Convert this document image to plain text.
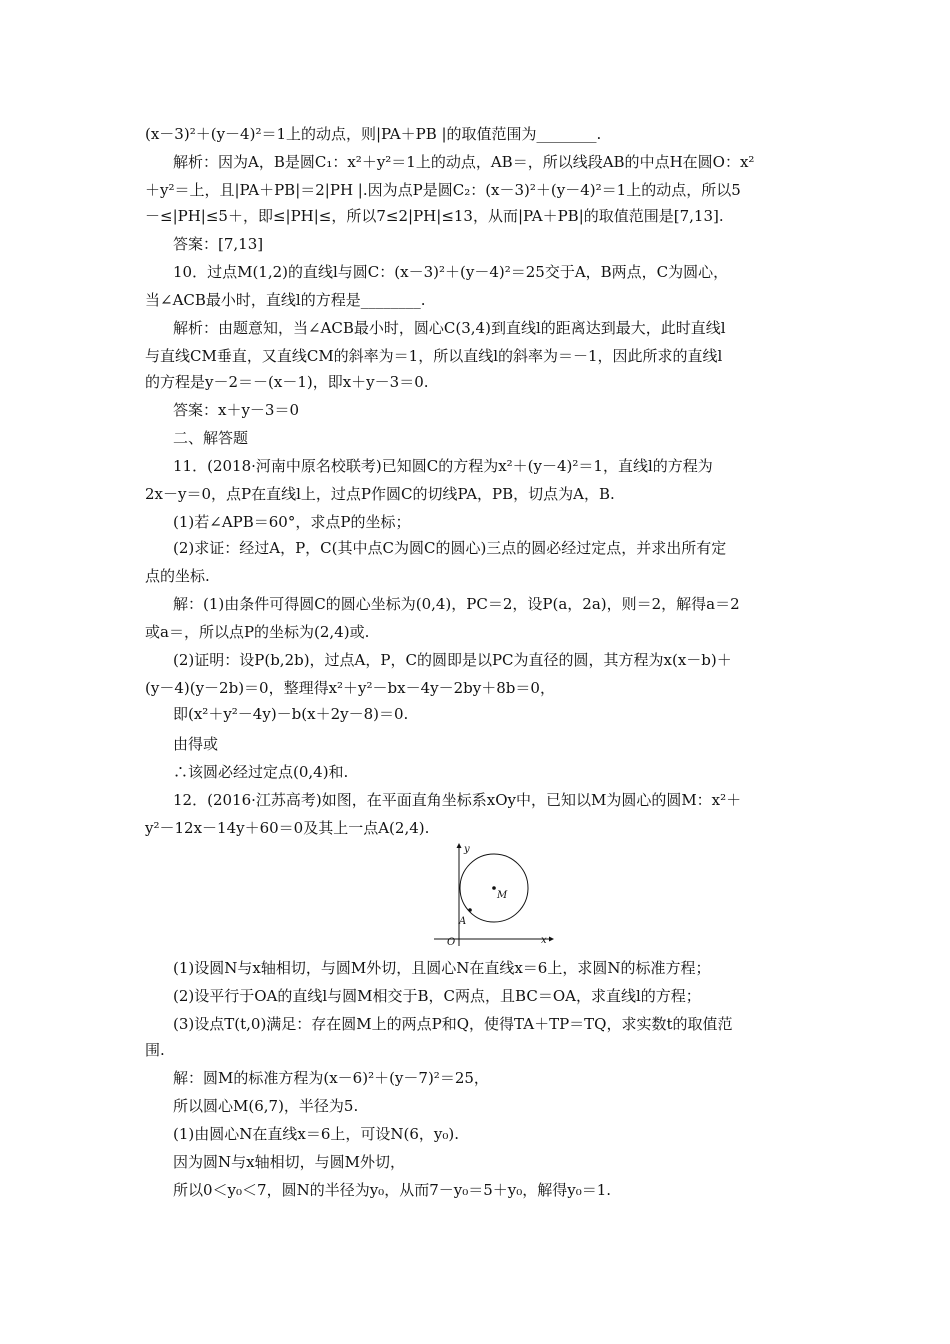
(x－3)²＋(y－4)²＝1上的动点，则|PA＋PB |的取值范围为________.
解析：因为A，B是圆C₁：x²＋y²＝1上的动点，AB＝，所以线段AB的中点H在圆O：x²
＋y²＝上，且|PA＋PB|＝2|PH |.因为点P是圆C₂：(x－3)²＋(y－4)²＝1上的动点，所以5
－≤|PH|≤5＋，即≤|PH|≤，所以7≤2|PH|≤13，从而|PA＋PB|的取值范围是[7,13].
答案：[7,13]
10．过点M(1,2)的直线l与圆C：(x－3)²＋(y－4)²＝25交于A，B两点，C为圆心，
当∠ACB最小时，直线l的方程是________.
解析：由题意知，当∠ACB最小时，圆心C(3,4)到直线l的距离达到最大，此时直线l
与直线CM垂直，又直线CM的斜率为＝1，所以直线l的斜率为＝－1，因此所求的直线l
的方程是y－2＝－(x－1)，即x＋y－3＝0.
答案：x＋y－3＝0
二、解答题
11．(2018·河南中原名校联考)已知圆C的方程为x²＋(y－4)²＝1，直线l的方程为
2x－y＝0，点P在直线l上，过点P作圆C的切线PA，PB，切点为A，B.
(1)若∠APB＝60°，求点P的坐标；
(2)求证：经过A，P，C(其中点C为圆C的圆心)三点的圆必经过定点，并求出所有定
点的坐标.
解：(1)由条件可得圆C的圆心坐标为(0,4)，PC＝2，设P(a，2a)，则＝2，解得a＝2
或a＝，所以点P的坐标为(2,4)或.
(2)证明：设P(b,2b)，过点A，P，C的圆即是以PC为直径的圆，其方程为x(x－b)＋
(y－4)(y－2b)＝0，整理得x²＋y²－bx－4y－2by＋8b＝0，
即(x²＋y²－4y)－b(x＋2y－8)＝0.
由得或
∴该圆必经过定点(0,4)和.
12．(2016·江苏高考)如图，在平面直角坐标系xOy中，已知以M为圆心的圆M：x²＋
y²－12x－14y＋60＝0及其上一点A(2,4).
y
x
O
A
M
(1)设圆N与x轴相切，与圆M外切，且圆心N在直线x＝6上，求圆N的标准方程；
(2)设平行于OA的直线l与圆M相交于B，C两点，且BC＝OA，求直线l的方程；
(3)设点T(t,0)满足：存在圆M上的两点P和Q，使得TA＋TP＝TQ，求实数t的取值范
围.
解：圆M的标准方程为(x－6)²＋(y－7)²＝25，
所以圆心M(6,7)，半径为5.
(1)由圆心N在直线x＝6上，可设N(6，y₀).
因为圆N与x轴相切，与圆M外切，
所以0＜y₀＜7，圆N的半径为y₀，从而7－y₀＝5＋y₀，解得y₀＝1.
